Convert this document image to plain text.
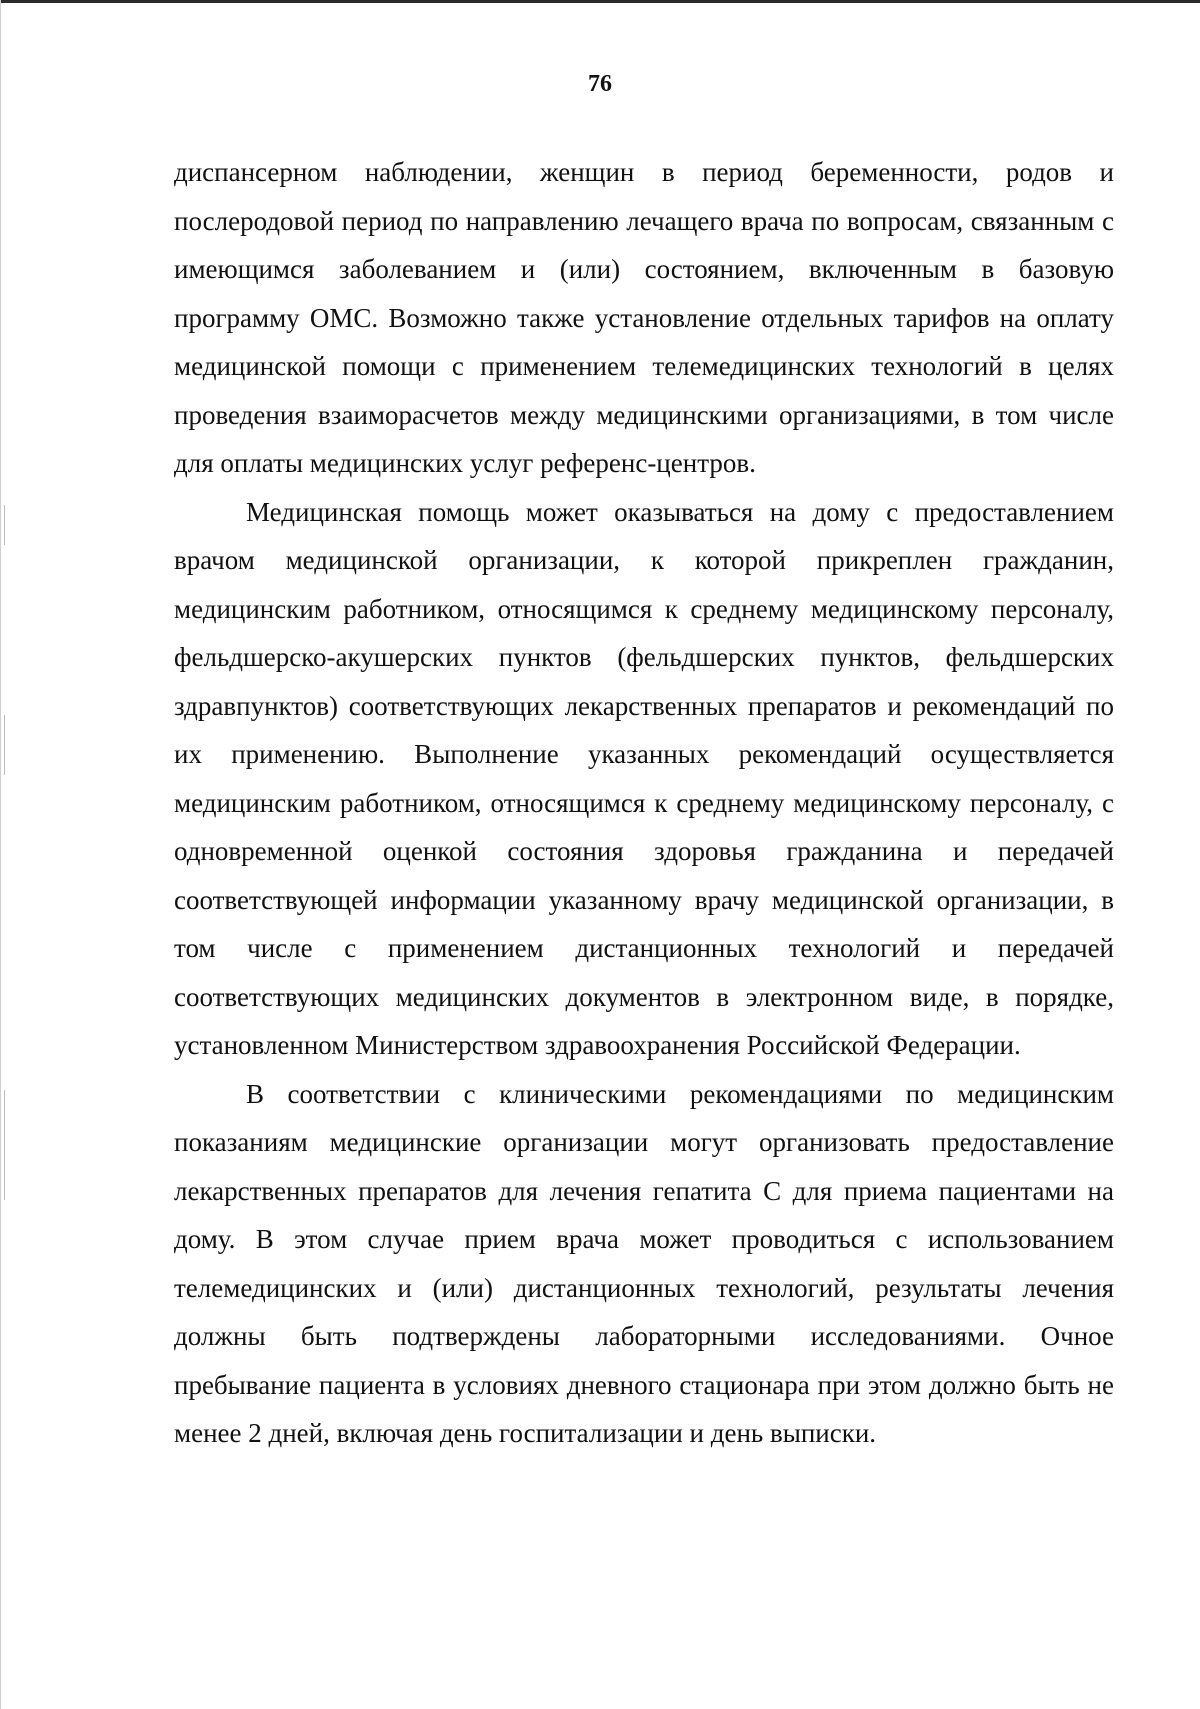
76

диспансерном наблюдении, женщин в период беременности, родов и послеродовой период по направлению лечащего врача по вопросам, связанным с имеющимся заболеванием и (или) состоянием, включенным в базовую программу ОМС. Возможно также установление отдельных тарифов на оплату медицинской помощи с применением телемедицинских технологий в целях проведения взаиморасчетов между медицинскими организациями, в том числе для оплаты медицинских услуг референс-центров.

Медицинская помощь может оказываться на дому с предоставлением врачом медицинской организации, к которой прикреплен гражданин, медицинским работником, относящимся к среднему медицинскому персоналу, фельдшерско-акушерских пунктов (фельдшерских пунктов, фельдшерских здравпунктов) соответствующих лекарственных препаратов и рекомендаций по их применению. Выполнение указанных рекомендаций осуществляется медицинским работником, относящимся к среднему медицинскому персоналу, с одновременной оценкой состояния здоровья гражданина и передачей соответствующей информации указанному врачу медицинской организации, в том числе с применением дистанционных технологий и передачей соответствующих медицинских документов в электронном виде, в порядке, установленном Министерством здравоохранения Российской Федерации.

В соответствии с клиническими рекомендациями по медицинским показаниям медицинские организации могут организовать предоставление лекарственных препаратов для лечения гепатита С для приема пациентами на дому. В этом случае прием врача может проводиться с использованием телемедицинских и (или) дистанционных технологий, результаты лечения должны быть подтверждены лабораторными исследованиями. Очное пребывание пациента в условиях дневного стационара при этом должно быть не менее 2 дней, включая день госпитализации и день выписки.
